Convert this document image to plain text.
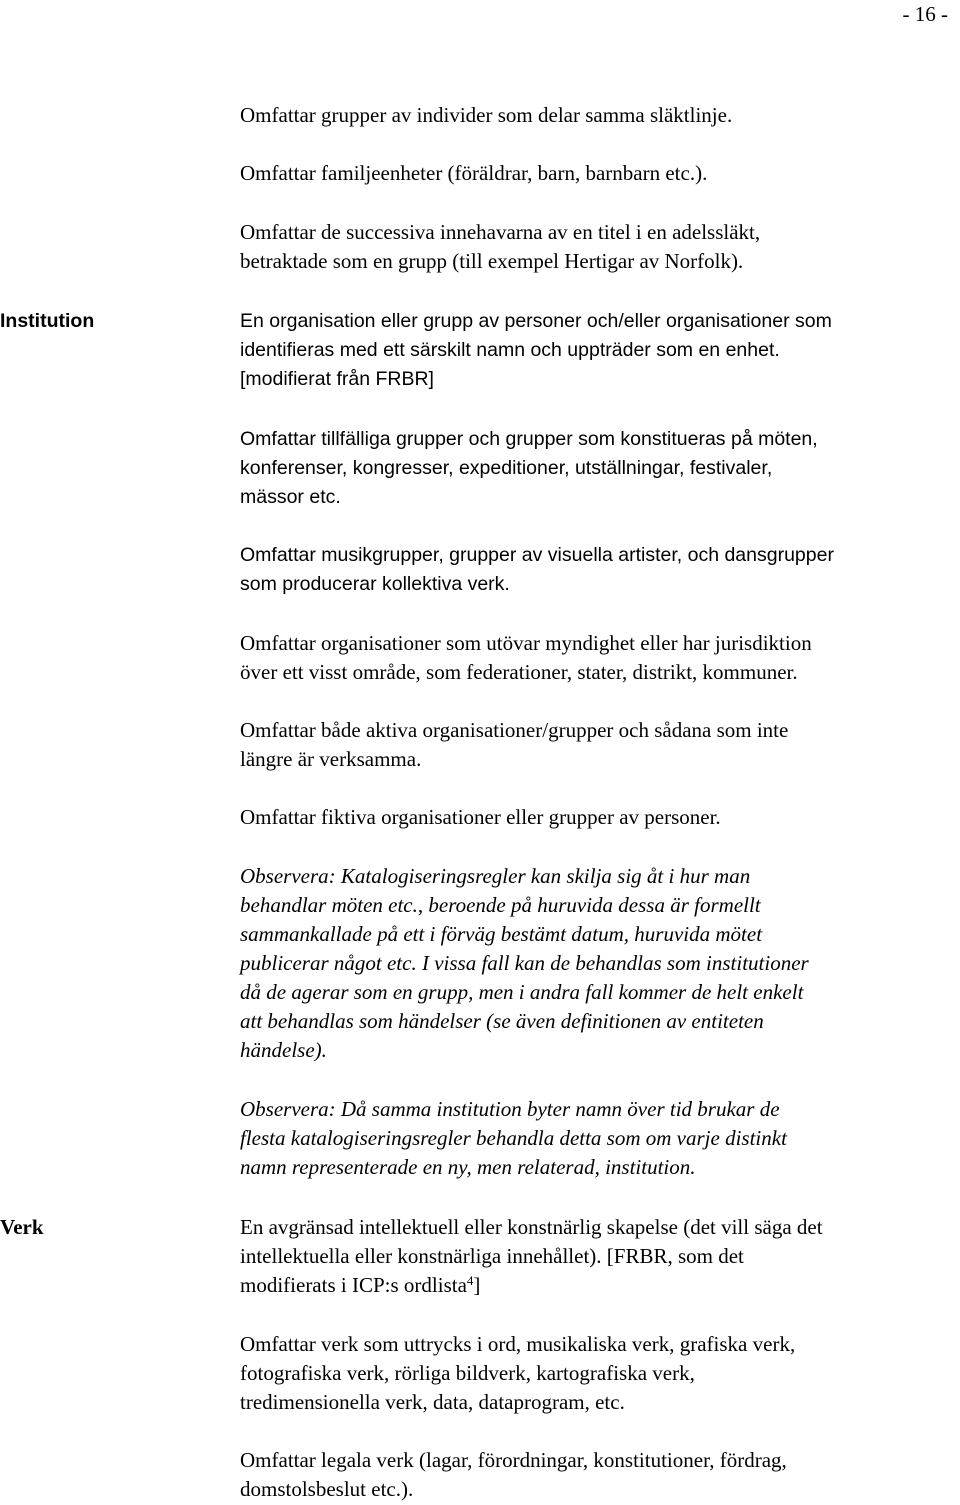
- 16 -

Omfattar grupper av individer som delar samma släktlinje.

Omfattar familjeenheter (föräldrar, barn, barnbarn etc.).

Omfattar de successiva innehavarna av en titel i en adelssläkt,
betraktade som en grupp (till exempel Hertigar av Norfolk).

Institution	En organisation eller grupp av personer och/eller organisationer som
identifieras med ett särskilt namn och uppträder som en enhet.
[modifierat från FRBR]

Omfattar tillfälliga grupper och grupper som konstitueras på möten,
konferenser, kongresser, expeditioner, utställningar, festivaler,
mässor etc.

Omfattar musikgrupper, grupper av visuella artister, och dansgrupper
som producerar kollektiva verk.

Omfattar organisationer som utövar myndighet eller har jurisdiktion
över ett visst område, som federationer, stater, distrikt, kommuner.

Omfattar både aktiva organisationer/grupper och sådana som inte
längre är verksamma.

Omfattar fiktiva organisationer eller grupper av personer.

Observera: Katalogiseringsregler kan skilja sig åt i hur man
behandlar möten etc., beroende på huruvida dessa är formellt
sammankallade på ett i förväg bestämt datum, huruvida mötet
publicerar något etc. I vissa fall kan de behandlas som institutioner
då de agerar som en grupp, men i andra fall kommer de helt enkelt
att behandlas som händelser (se även definitionen av entiteten
händelse).

Observera: Då samma institution byter namn över tid brukar de
flesta katalogiseringsregler behandla detta som om varje distinkt
namn representerade en ny, men relaterad, institution.

Verk	En avgränsad intellektuell eller konstnärlig skapelse (det vill säga det
intellektuella eller konstnärliga innehållet). [FRBR, som det
modifierats i ICP:s ordlista$^4$]

Omfattar verk som uttrycks i ord, musikaliska verk, grafiska verk,
fotografiska verk, rörliga bildverk, kartografiska verk,
tredimensionella verk, data, dataprogram, etc.

Omfattar legala verk (lagar, förordningar, konstitutioner, fördrag,
domstolsbeslut etc.).
